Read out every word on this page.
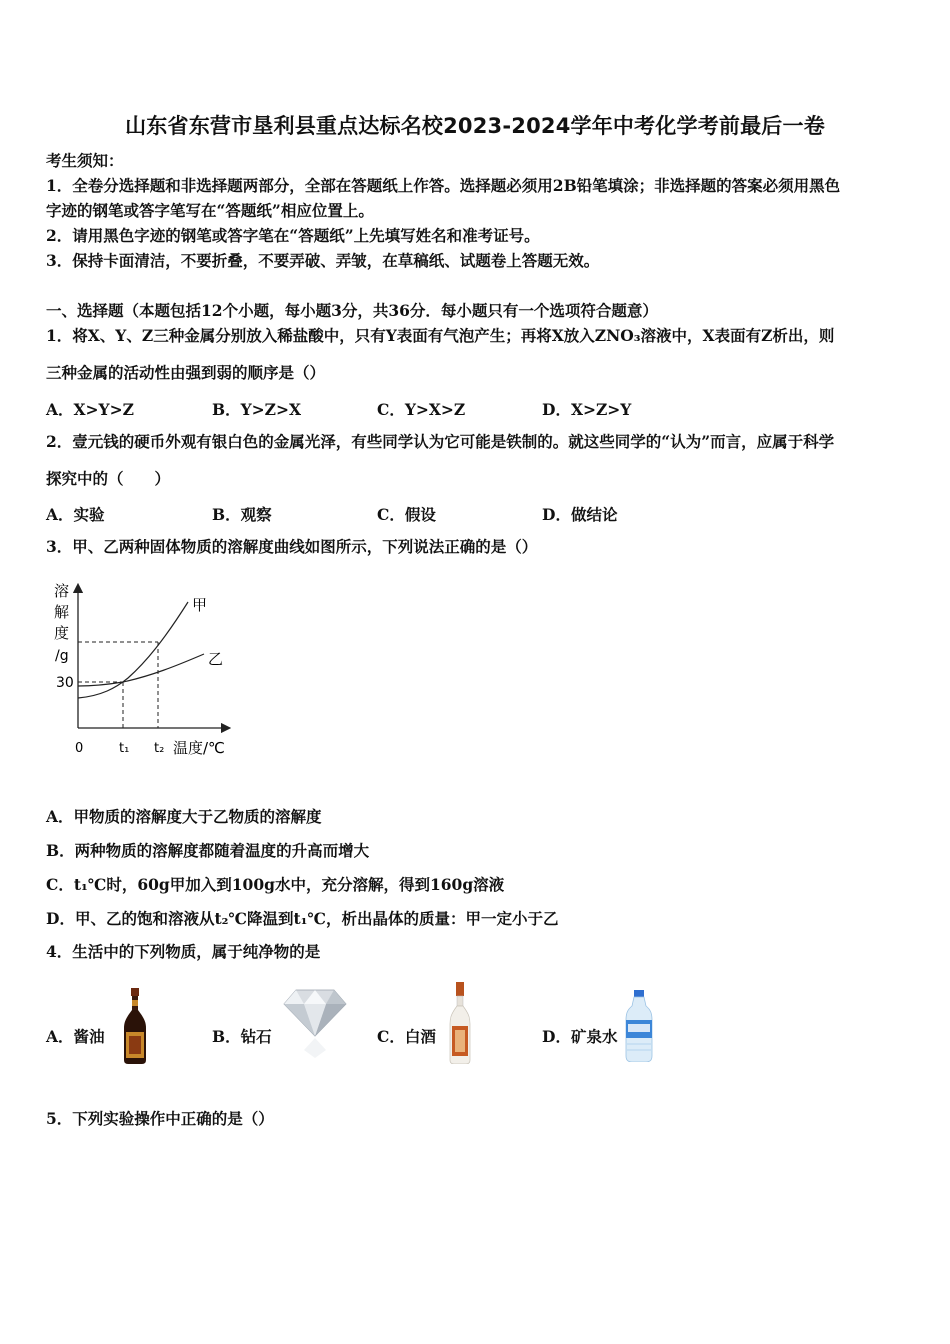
山东省东营市垦利县重点达标名校2023-2024学年中考化学考前最后一卷
考生须知：
1．全卷分选择题和非选择题两部分，全部在答题纸上作答。选择题必须用2B铅笔填涂；非选择题的答案必须用黑色
字迹的钢笔或答字笔写在“答题纸”相应位置上。
2．请用黑色字迹的钢笔或答字笔在“答题纸”上先填写姓名和准考证号。
3．保持卡面清洁，不要折叠，不要弄破、弄皱，在草稿纸、试题卷上答题无效。
一、选择题（本题包括12个小题，每小题3分，共36分．每小题只有一个选项符合题意）
1．将X、Y、Z三种金属分别放入稀盐酸中，只有Y表面有气泡产生；再将X放入ZNO₃溶液中，X表面有Z析出，则
三种金属的活动性由强到弱的顺序是（）
A．X>Y>Z	B．Y>Z>X	C．Y>X>Z	D．X>Z>Y
2．壹元钱的硬币外观有银白色的金属光泽，有些同学认为它可能是铁制的。就这些同学的“认为”而言，应属于科学
探究中的（　　）
A．实验	B．观察	C．假设	D．做结论
3．甲、乙两种固体物质的溶解度曲线如图所示，下列说法正确的是（）
溶
解
度
/g
30
0	t₁ t₂ 温度/℃
甲
乙
A．甲物质的溶解度大于乙物质的溶解度
B．两种物质的溶解度都随着温度的升高而增大
C．t₁℃时，60g甲加入到100g水中，充分溶解，得到160g溶液
D．甲、乙的饱和溶液从t₂℃降温到t₁℃，析出晶体的质量：甲一定小于乙
4．生活中的下列物质，属于纯净物的是
A．酱油	B．钻石	C．白酒	D．矿泉水
5．下列实验操作中正确的是（）
